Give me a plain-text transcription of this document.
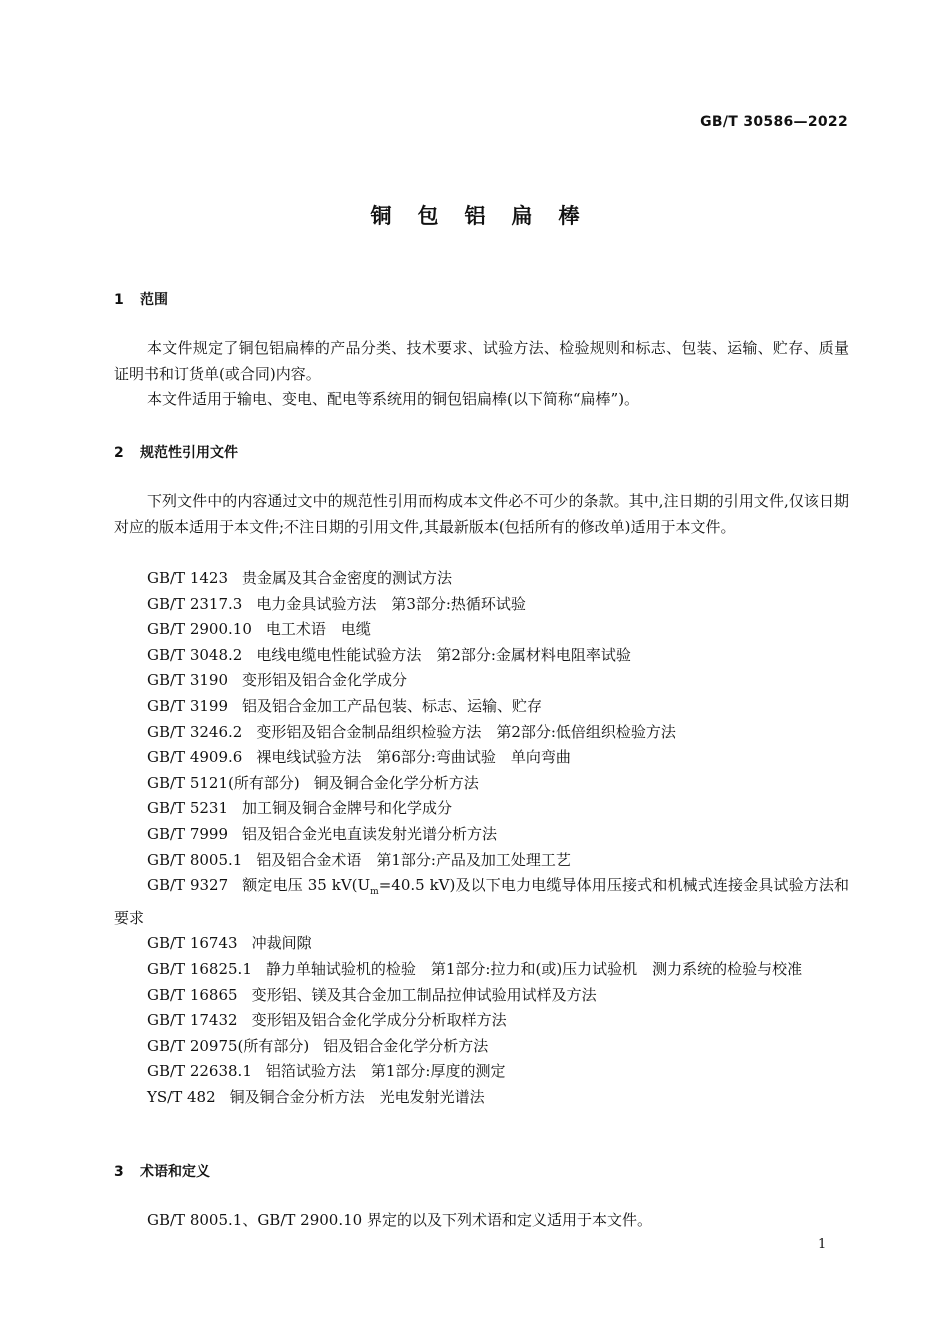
GB/T 30586—2022
铜包铝扁棒
1 范围
本文件规定了铜包铝扁棒的产品分类、技术要求、试验方法、检验规则和标志、包装、运输、贮存、质量证明书和订货单(或合同)内容。
本文件适用于输电、变电、配电等系统用的铜包铝扁棒(以下简称“扁棒”)。
2 规范性引用文件
下列文件中的内容通过文中的规范性引用而构成本文件必不可少的条款。其中,注日期的引用文件,仅该日期对应的版本适用于本文件;不注日期的引用文件,其最新版本(包括所有的修改单)适用于本文件。
GB/T 1423 贵金属及其合金密度的测试方法
GB/T 2317.3 电力金具试验方法　第3部分:热循环试验
GB/T 2900.10 电工术语　电缆
GB/T 3048.2 电线电缆电性能试验方法　第2部分:金属材料电阻率试验
GB/T 3190 变形铝及铝合金化学成分
GB/T 3199 铝及铝合金加工产品包装、标志、运输、贮存
GB/T 3246.2 变形铝及铝合金制品组织检验方法　第2部分:低倍组织检验方法
GB/T 4909.6 裸电线试验方法　第6部分:弯曲试验　单向弯曲
GB/T 5121(所有部分) 铜及铜合金化学分析方法
GB/T 5231 加工铜及铜合金牌号和化学成分
GB/T 7999 铝及铝合金光电直读发射光谱分析方法
GB/T 8005.1 铝及铝合金术语　第1部分:产品及加工处理工艺
GB/T 9327 额定电压 35 $kV(U_m=40.5$ kV)及以下电力电缆导体用压接式和机械式连接金具试验方法和要求
GB/T 16743 冲裁间隙
GB/T 16825.1 静力单轴试验机的检验　第1部分:拉力和(或)压力试验机　测力系统的检验与校准
GB/T 16865 变形铝、镁及其合金加工制品拉伸试验用试样及方法
GB/T 17432 变形铝及铝合金化学成分分析取样方法
GB/T 20975(所有部分) 铝及铝合金化学分析方法
GB/T 22638.1 铝箔试验方法　第1部分:厚度的测定
YS/T 482 铜及铜合金分析方法　光电发射光谱法
3 术语和定义
GB/T 8005.1、GB/T 2900.10 界定的以及下列术语和定义适用于本文件。
1
